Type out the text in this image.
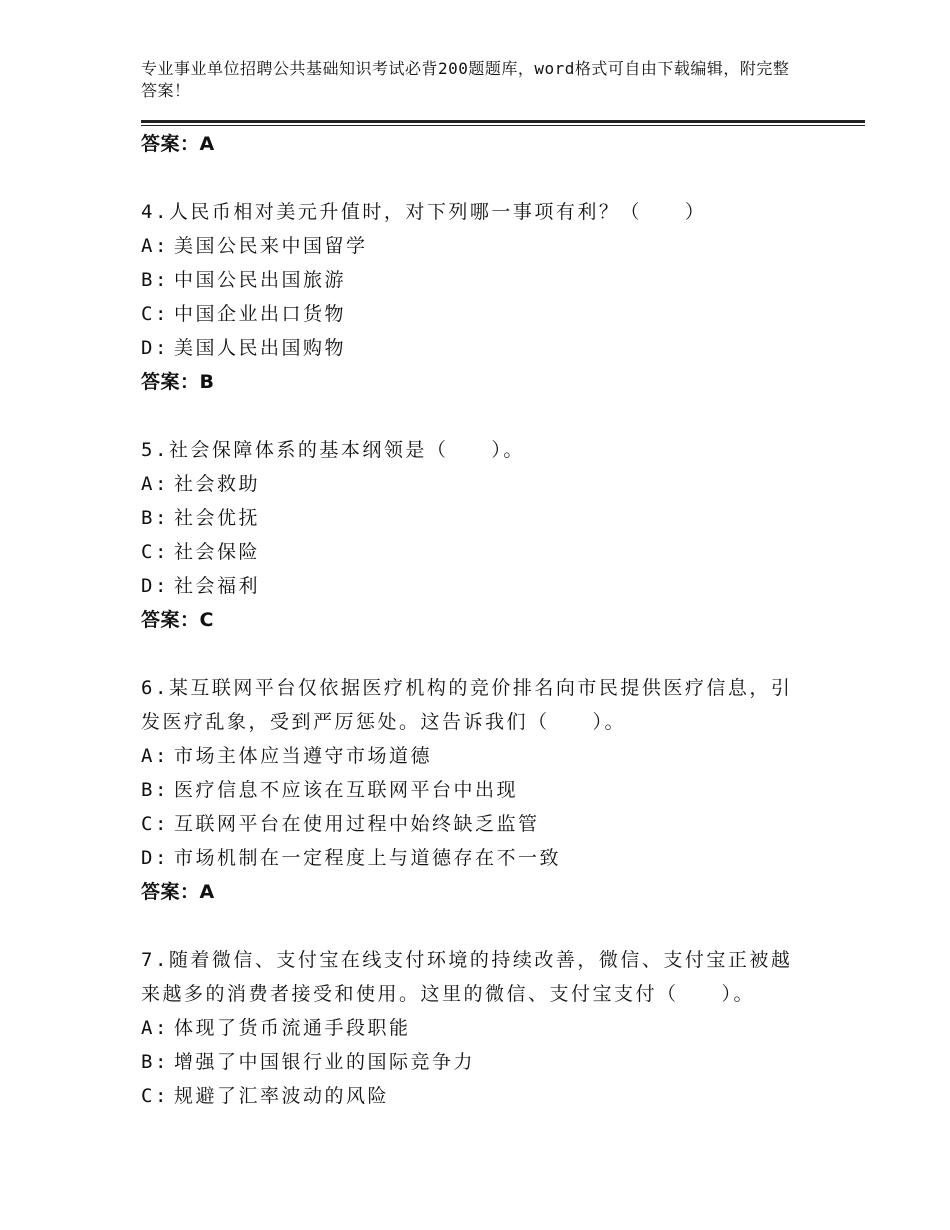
专业事业单位招聘公共基础知识考试必背200题题库，word格式可自由下载编辑，附完整答案！
答案：A
4.人民币相对美元升值时，对下列哪一事项有利？（　　）
A: 美国公民来中国留学
B: 中国公民出国旅游
C: 中国企业出口货物
D: 美国人民出国购物
答案：B
5.社会保障体系的基本纲领是（　　）。
A: 社会救助
B: 社会优抚
C: 社会保险
D: 社会福利
答案：C
6.某互联网平台仅依据医疗机构的竞价排名向市民提供医疗信息，引发医疗乱象，受到严厉惩处。这告诉我们（　　）。
A: 市场主体应当遵守市场道德
B: 医疗信息不应该在互联网平台中出现
C: 互联网平台在使用过程中始终缺乏监管
D: 市场机制在一定程度上与道德存在不一致
答案：A
7.随着微信、支付宝在线支付环境的持续改善，微信、支付宝正被越来越多的消费者接受和使用。这里的微信、支付宝支付（　　）。
A: 体现了货币流通手段职能
B: 增强了中国银行业的国际竞争力
C: 规避了汇率波动的风险
